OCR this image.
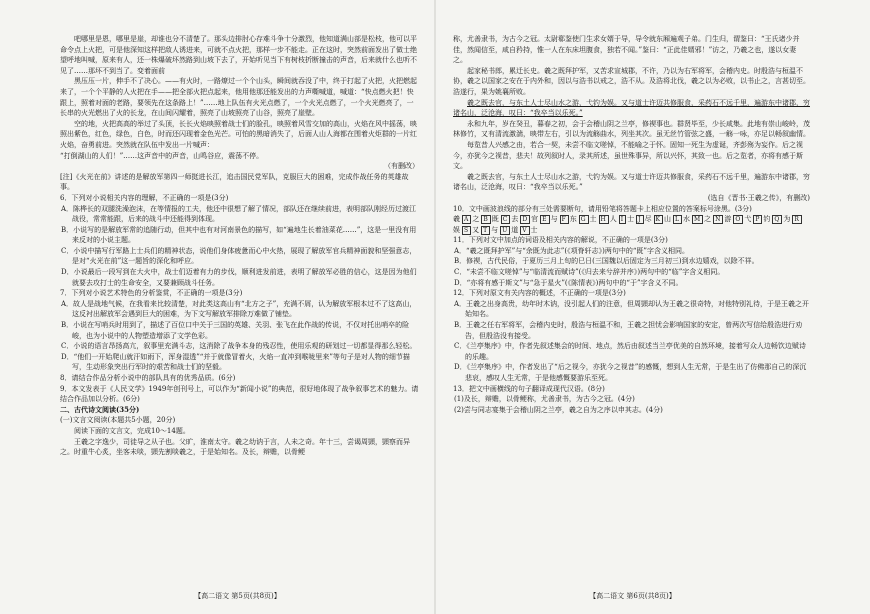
吧哪里是恩，哪里是崖，却谁也分不清楚了。那头边排肘心存难斗争十分激烈，他知道满山部是松枝，他可以平命令点上火把，可是他深知这样把敌人诱进来，可就不点火把，那样一步不能走。正在这时，突然前面发出了做士绝望呼地叫喊，原来有人，还一株爆破坏然路到山坡下去了，开始听见当下有树枝折断撞击的声音，后来就什么也听不见了……那坏不到当了。变着面前

黑压压一片，伸手不了决心。——有火时，一路燎过一个个山头，瞬间就吞没了中，终于打起了火把，火把燃起来了，一个个平静的人火把在手——把全部火把点起来，他用他那还能发出的力声嘶喊道，喊道：“快点燃火把！快跟上，照着对面的老路，要领先在这条路上！”……地上队伍有火光点燃了，一个火光点燃了，一个火光燃亮了，一长串的火光燃出了火的长龙，在山间闪耀着，照亮了山坡照亮了山谷，照亮了崖壁。

空的地，火把高高的举过了头顶，长长火焰映照着战士们的脸孔，映照着风雪交加的高山，火焰在风中摇荡，映照出紫色，红色，绿色，白色，时而还闪现着金色光芒。可怕的黑暗消失了，后面人山人海都在围着火炬群的一片红火焰，奋勇前进。突然就在队伍中发出一片喊声：

“打倒湖山的人们！”……这声音中的声音，山鸣谷应，震荡不停。

（有删改）
[注]《火光在前》讲述的是解放军第四一师挺进长江，追击国民党军队，克服巨大的困难，完成作战任务的英雄故事。
6．下列对小说相关内容的理解，不正确的一项是(3分)
A．陈桦长的双腿洗澡泡沫，在等情报的工夫，他还中很想了解了情况，部队还在继续前进，表明部队刚经历过渡江战役，常常能跟，后来的战斗中还能得到体现。
B．小说写的是解放军常的追随行动，但其中也有对河南景色的描写，如“遍地生长着油菜花……”，这是一里没有用来反对的小说主题。
C．小说中描写行军路上士兵们的精神状态，说他们身体疲惫而心中火热，展现了解放军官兵精神面貌和坚强意志，是对“火光在前”这一题旨的深化和呼应。
D．小说最后一段写到在大火中，战士们迈着有力的步伐，顺利进发前进，表明了解放军必胜的信心，这是因为他们就要去攻打士的生命安全，又要兼顾战斗任务。
7．下列对小说艺术特色的分析鉴赏，不正确的一项是(3分)
A．故人是战地气候，在我看来比较清楚，对此类这高山有“北方之子”，充满不屑，认为解放军根本过不了这高山，这反衬出解放军会遇到巨大的困难，为下文写解放军排除万难做了铺垫。
B．小说在写哨兵时用到了，描述了百位口中关于三国的英雄、关羽、张飞在此作战的传说，不仅对托出哨卒的险峻，也为小说中的人物塑造增添了文学色彩。
C．小说的语言昂扬高亢，叙事里充满斗志，这消除了战争本身的残忍性，使用乐观的研划过一切都显得那么轻松。
D．“他们一开始爬山就汗如雨下，浑身湿透”“并于就像冒着火，火焰一直冲到喉咙里来”等句子是对人物的细节描写，生动形象突出行军时的艰苦和战士们的坚毅。
8．请结合作品分析小说中的部队具有的优秀品质。(6分)
9．本文发表于《人民文学》1949年创刊号上，可以作为“新闻小说”的典范，很好地体现了战争叙事艺术的魅力。请结合作品加以分析。(6分)
二、古代诗文阅读(35分)
(一)文言文阅读(本题共5小题，20分)

阅读下面的文言文，完成10～14题。

王羲之字逸少，司徒导之从子也。父旷，淮南太守。羲之幼讷于言，人未之奇。年十三，尝谒周顗，顗察而异之。时重牛心炙，坐客未啖，顗先割啖羲之，于是始知名。及长，辩赡，以骨鲠

【高二语文 第5页(共8页)】

称，尤善隶书，为古今之冠。太尉郗鉴使门生求女婿于导，导令就东厢遍观子弟。门生归，谓鉴曰：“王氏诸少并佳，然闻信至，咸自矜持，惟一人在东床坦腹食，独若不闻。”鉴曰：“正此佳婿邪！”访之，乃羲之也，遂以女妻之。

起家秘书郎，累迁长史。羲之既拜护军，又苦求宣城郡，不许，乃以为右军将军，会稽内史。时殷浩与桓温不协，羲之以国家之安在于内外和，因以与浩书以戒之，浩不从。及浩将北伐，羲之以为必败，以书止之，言甚切至。浩遂行，果为姚襄所败。

羲之既去官，与东土人士尽山水之游，弋钓为娱。又与道士许迈共修服食，采药石不远千里，遍游东中诸郡，穷诸名山，泛沧海，叹曰：“我卒当以乐死。”

永和九年，岁在癸丑，暮春之初，会于会稽山阴之兰亭，修禊事也。群贤毕至，少长咸集。此地有崇山峻岭，茂林修竹，又有清流激湍，映带左右，引以为流觞曲水，列坐其次。虽无丝竹管弦之盛，一觞一咏，亦足以畅叙幽情。

每览昔人兴感之由，若合一契，未尝不临文嗟悼，不能喻之于怀。固知一死生为虚诞，齐彭殇为妄作。后之视今，亦犹今之视昔，悲夫！故列叙时人，录其所述，虽世殊事异，所以兴怀，其致一也。后之览者，亦将有感于斯文。

羲之既去官，与东土人士尽山水之游，弋钓为娱。又与道士许迈共修服食，采药石不远千里，遍游东中诸郡，穷诸名山，泛沧海，叹曰：“我卒当以乐死。”

(选自《晋书·王羲之传》，有删改)
10．文中画波浪线的部分有三处需要断句，请用铅笔将答题卡上相应位置的答案标号涂黑。(3分)
羲 A 之 B 既 C 去 D 官 E 与 F 东 G 土 H 人 I 士 J 尽 K 山 L 水 M 之 N 游 O 弋 P 钓 Q 为 R娱 S 又 T 与 U 道 V 士
11．下列对文中加点的词语及相关内容的解说，不正确的一项是(3分)
A．“羲之既拜护军”与“余既为此志”(《项脊轩志》)两句中的“既”字含义相同。
B．修禊，古代民俗，于夏历三月上旬的巳日(三国魏以后固定为三月初三)到水边嬉戏，以除不祥。
C．“未尝不临文嗟悼”与“临清流而赋诗”(《归去来兮辞并序》)两句中的“临”字含义相同。
D．“亦将有感于斯文”与“急于星火”(《陈情表》)两句中的“于”字含义不同。
12．下列对原文有关内容的概述，不正确的一项是(3分)
A．王羲之出身高贵，幼年时木讷，没引起人们的注意，但周顗却认为王羲之很奇特，对他特别礼待，于是王羲之开始知名。
B．王羲之任右军将军，会稽内史时，殷浩与桓温不和，王羲之担忧会影响国家的安定，曾两次写信给殷浩进行劝告，但殷浩没有接受。
C．《兰亭集序》中，作者先叙述集会的时间、地点，然后由叙述当兰亭优美的自然环境，接着写众人边畅饮边赋诗的乐趣。
D．《兰亭集序》中，作者发出了“后之视今，亦犹今之视昔”的感慨，想到人生无常，于是生出了仿佛那自己的深沉悲哀，感叹人生无常，于是他感慨要游乐至死。
13．把文中画横线的句子翻译成现代汉语。(8分)
(1)及长，辩赡，以骨鲠称，尤善隶书，为古今之冠。(4分)
(2)尝与同志宴集于会稽山阴之兰亭，羲之自为之序以申其志。(4分)
【高二语文 第6页(共8页)】
